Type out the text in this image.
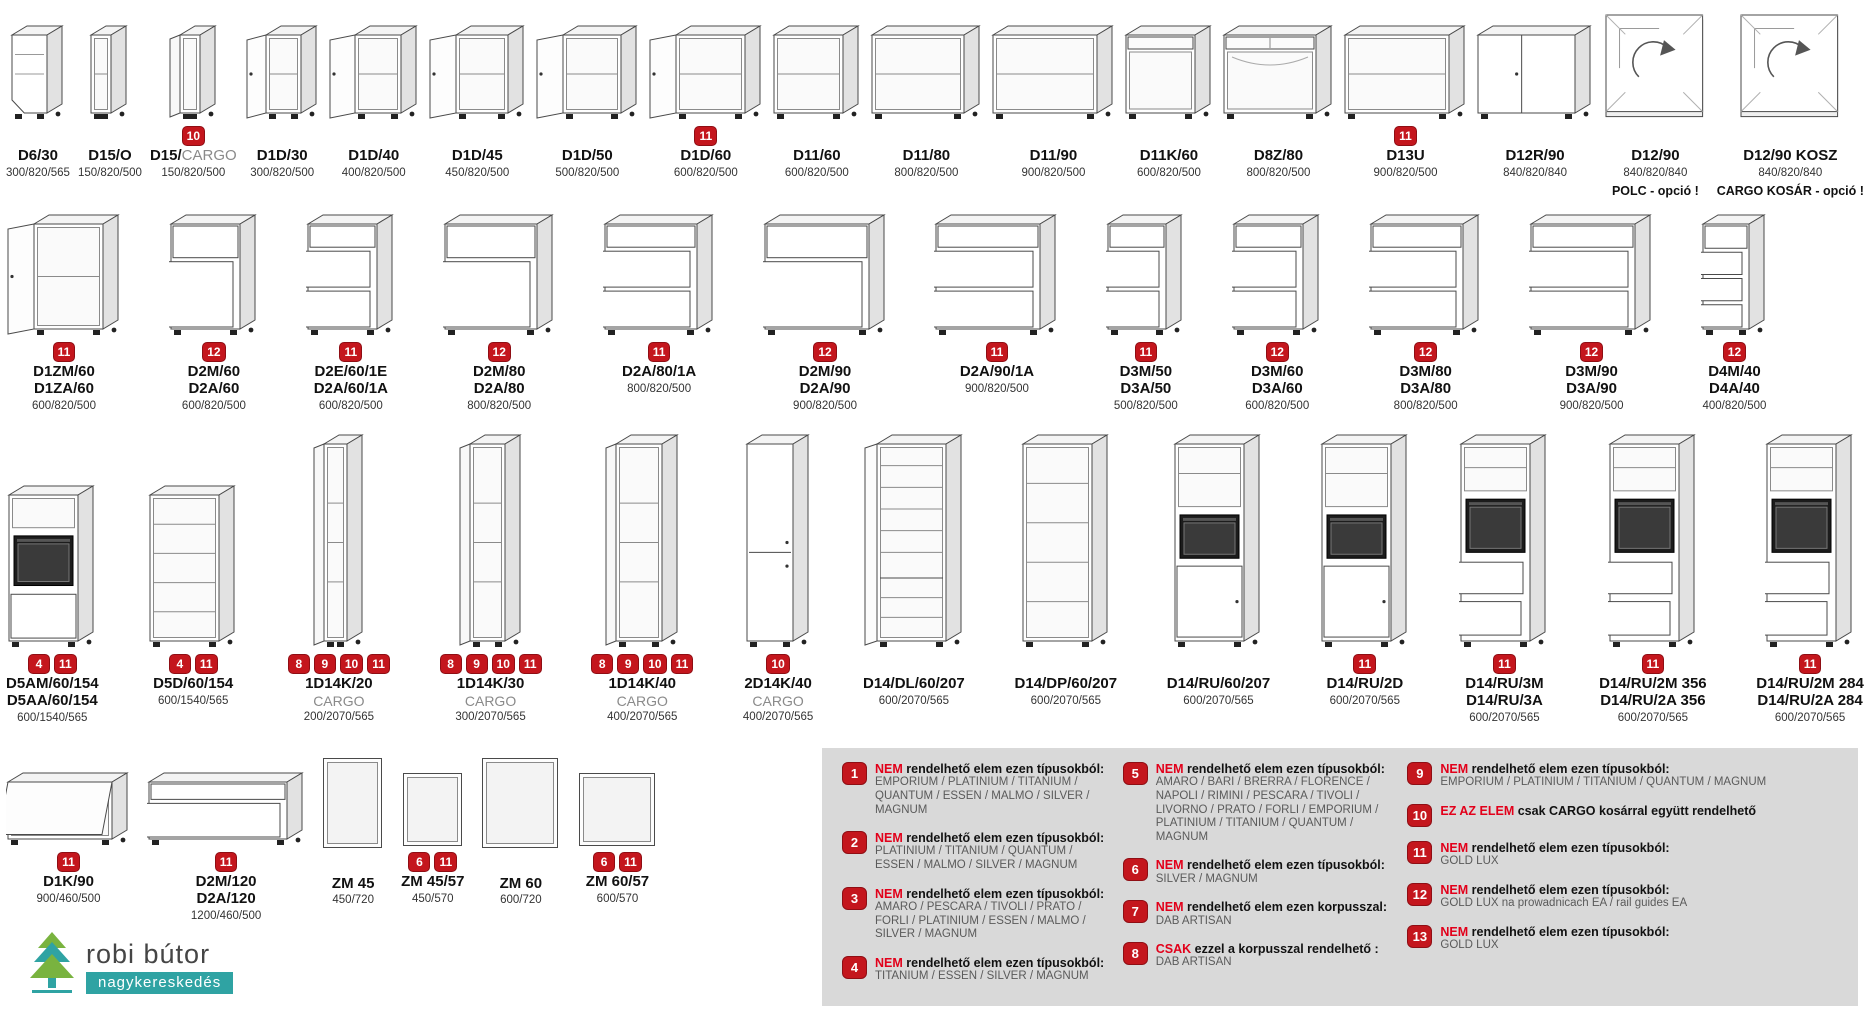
D6/30
300/820/565
D15/O
150/820/500
10
D15/CARGO
150/820/500
D1D/30
300/820/500
D1D/40
400/820/500
D1D/45
450/820/500
D1D/50
500/820/500
11
D1D/60
600/820/500
D11/60
600/820/500
D11/80
800/820/500
D11/90
900/820/500
D11K/60
600/820/500
D8Z/80
800/820/500
11
D13U
900/820/500
D12R/90
840/820/840
D12/90
840/820/840
POLC - opció !
D12/90 KOSZ
840/820/840
CARGO KOSÁR - opció !
11
D1ZM/60
D1ZA/60
600/820/500
12
D2M/60
D2A/60
600/820/500
11
D2E/60/1E
D2A/60/1A
600/820/500
12
D2M/80
D2A/80
800/820/500
11
D2A/80/1A
800/820/500
12
D2M/90
D2A/90
900/820/500
11
D2A/90/1A
900/820/500
11
D3M/50
D3A/50
500/820/500
12
D3M/60
D3A/60
600/820/500
12
D3M/80
D3A/80
800/820/500
12
D3M/90
D3A/90
900/820/500
12
D4M/40
D4A/40
400/820/500
4	11
D5AM/60/154
D5AA/60/154
600/1540/565
4	11
D5D/60/154
600/1540/565
8	9	10	11
1D14K/20
CARGO
200/2070/565
8	9	10	11
1D14K/30
CARGO
300/2070/565
8	9	10	11
1D14K/40
CARGO
400/2070/565
10
2D14K/40
CARGO
400/2070/565
D14/DL/60/207
600/2070/565
D14/DP/60/207
600/2070/565
D14/RU/60/207
600/2070/565
11
D14/RU/2D
600/2070/565
11
D14/RU/3M
D14/RU/3A
600/2070/565
11
D14/RU/2M 356
D14/RU/2A 356
600/2070/565
11
D14/RU/2M 284
D14/RU/2A 284
600/2070/565
11
D1K/90
900/460/500
11
D2M/120
D2A/120
1200/460/500
ZM 45
450/720
6	11
ZM 45/57
450/570
ZM 60
600/720
6	11
ZM 60/57
600/570
1	NEM rendelhető elem ezen típusokból:
EMPORIUM / PLATINIUM / TITANIUM / QUANTUM / ESSEN / MALMO / SILVER / MAGNUM
2	NEM rendelhető elem ezen típusokból:
PLATINIUM / TITANIUM / QUANTUM / ESSEN / MALMO / SILVER / MAGNUM
3	NEM rendelhető elem ezen típusokból:
AMARO / PESCARA / TIVOLI / PRATO / FORLI / PLATINIUM / ESSEN / MALMO / SILVER / MAGNUM
4	NEM rendelhető elem ezen típusokból:
TITANIUM / ESSEN / SILVER / MAGNUM
5	NEM rendelhető elem ezen típusokból:
AMARO / BARI / BRERRA / FLORENCE / NAPOLI / RIMINI / PESCARA / TIVOLI / LIVORNO / PRATO / FORLI / EMPORIUM / PLATINIUM / TITANIUM / QUANTUM / MAGNUM
6	NEM rendelhető elem ezen típusokból:
SILVER / MAGNUM
7	NEM rendelhető elem ezen korpusszal:
DAB ARTISAN
8	CSAK ezzel a korpusszal rendelhető :
DAB ARTISAN
9	NEM rendelhető elem ezen típusokból:
EMPORIUM / PLATINIUM / TITANIUM / QUANTUM / MAGNUM
10	EZ AZ ELEM csak CARGO kosárral együtt rendelhető
11	NEM rendelhető elem ezen típusokból:
GOLD LUX
12	NEM rendelhető elem ezen típusokból:
GOLD LUX na prowadnicach EA / rail guides EA
13	NEM rendelhető elem ezen típusokból:
GOLD LUX
robi bútor
nagykereskedés
